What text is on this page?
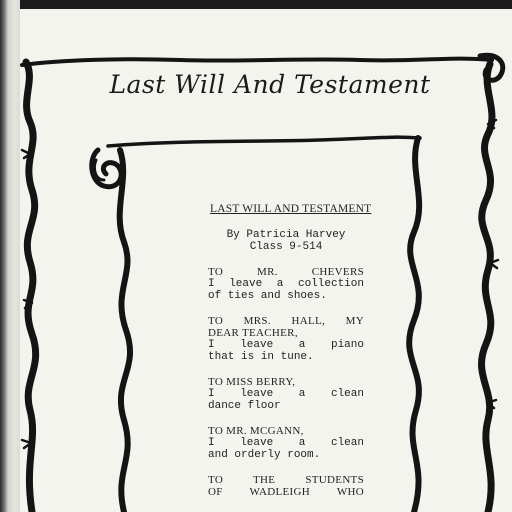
Last Will And Testament
LAST WILL AND TESTAMENT
By Patricia Harvey
Class 9-514
TO MR. CHEVERS
I leave a collection
of ties and shoes.
TO MRS. HALL, MY
DEAR TEACHER,
I leave a piano
that is in tune.
TO MISS BERRY,
I leave a clean
dance floor
TO MR. MCGANN,
I leave a clean
and orderly room.
TO THE STUDENTS
OF WADLEIGH WHO
